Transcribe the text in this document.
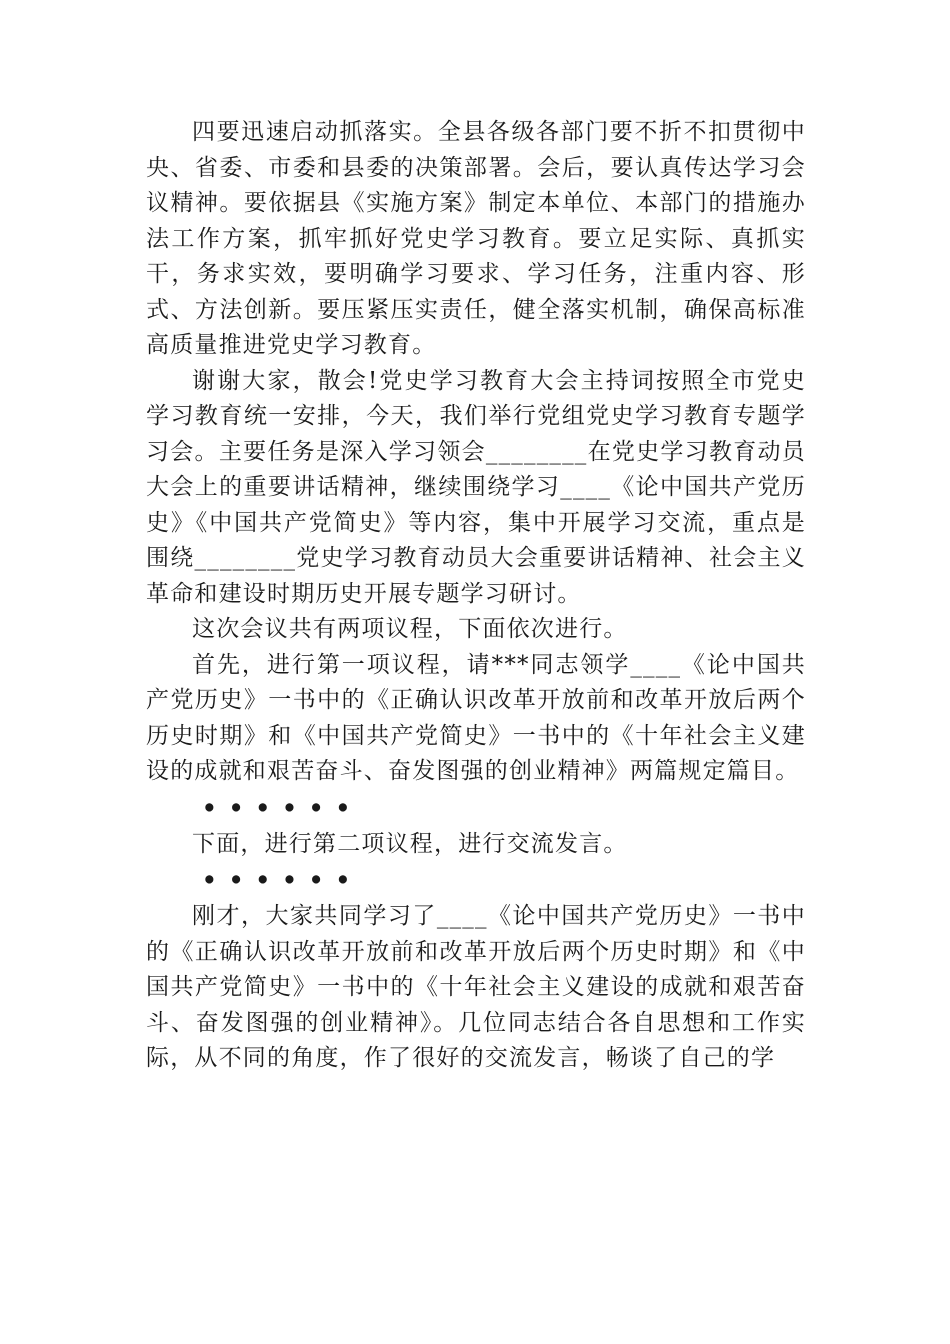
四要迅速启动抓落实。全县各级各部门要不折不扣贯彻中央、省委、市委和县委的决策部署。会后，要认真传达学习会议精神。要依据县《实施方案》制定本单位、本部门的措施办法工作方案，抓牢抓好党史学习教育。要立足实际、真抓实干，务求实效，要明确学习要求、学习任务，注重内容、形式、方法创新。要压紧压实责任，健全落实机制，确保高标准高质量推进党史学习教育。

谢谢大家，散会!党史学习教育大会主持词按照全市党史学习教育统一安排，今天，我们举行党组党史学习教育专题学习会。主要任务是深入学习领会________在党史学习教育动员大会上的重要讲话精神，继续围绕学习____《论中国共产党历史》《中国共产党简史》等内容，集中开展学习交流，重点是围绕________党史学习教育动员大会重要讲话精神、社会主义革命和建设时期历史开展专题学习研讨。

这次会议共有两项议程，下面依次进行。

首先，进行第一项议程，请***同志领学____《论中国共产党历史》一书中的《正确认识改革开放前和改革开放后两个历史时期》和《中国共产党简史》一书中的《十年社会主义建设的成就和艰苦奋斗、奋发图强的创业精神》两篇规定篇目。

••••••

下面，进行第二项议程，进行交流发言。

••••••

刚才，大家共同学习了____《论中国共产党历史》一书中的《正确认识改革开放前和改革开放后两个历史时期》和《中国共产党简史》一书中的《十年社会主义建设的成就和艰苦奋斗、奋发图强的创业精神》。几位同志结合各自思想和工作实际，从不同的角度，作了很好的交流发言，畅谈了自己的学
